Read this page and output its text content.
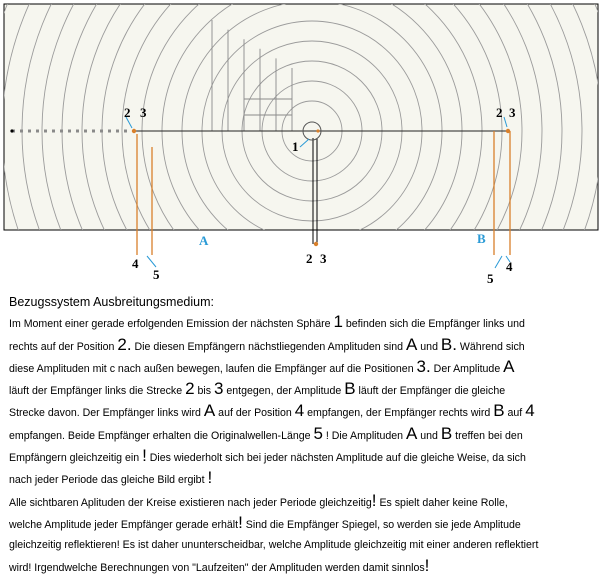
2 3	2 3
1
2 3
4
5
4
5
A	B
Bezugssystem Ausbreitungsmedium:
Im Moment einer gerade erfolgenden Emission der nächsten Sphäre 1 befinden sich die Empfänger links und
rechts auf der Position 2. Die diesen Empfängern nächstliegenden Amplituden sind A und B. Während sich
diese Amplituden mit c nach außen bewegen, laufen die Empfänger auf die Positionen 3. Der Amplitude A
läuft der Empfänger links die Strecke 2 bis 3 entgegen, der Amplitude B läuft der Empfänger die gleiche
Strecke davon. Der Empfänger links wird A auf der Position 4 empfangen, der Empfänger rechts wird B auf 4
empfangen. Beide Empfänger erhalten die Originalwellen-Länge 5 ! Die Amplituden A und B treffen bei den
Empfängern gleichzeitig ein ! Dies wiederholt sich bei jeder nächsten Amplitude auf die gleiche Weise, da sich
nach jeder Periode das gleiche Bild ergibt !
Alle sichtbaren Aplituden der Kreise existieren nach jeder Periode gleichzeitig! Es spielt daher keine Rolle,
welche Amplitude jeder Empfänger gerade erhält! Sind die Empfänger Spiegel, so werden sie jede Amplitude
gleichzeitig reflektieren! Es ist daher ununterscheidbar, welche Amplitude gleichzeitig mit einer anderen reflektiert
wird! Irgendwelche Berechnungen von "Laufzeiten" der Amplituden werden damit sinnlos!
